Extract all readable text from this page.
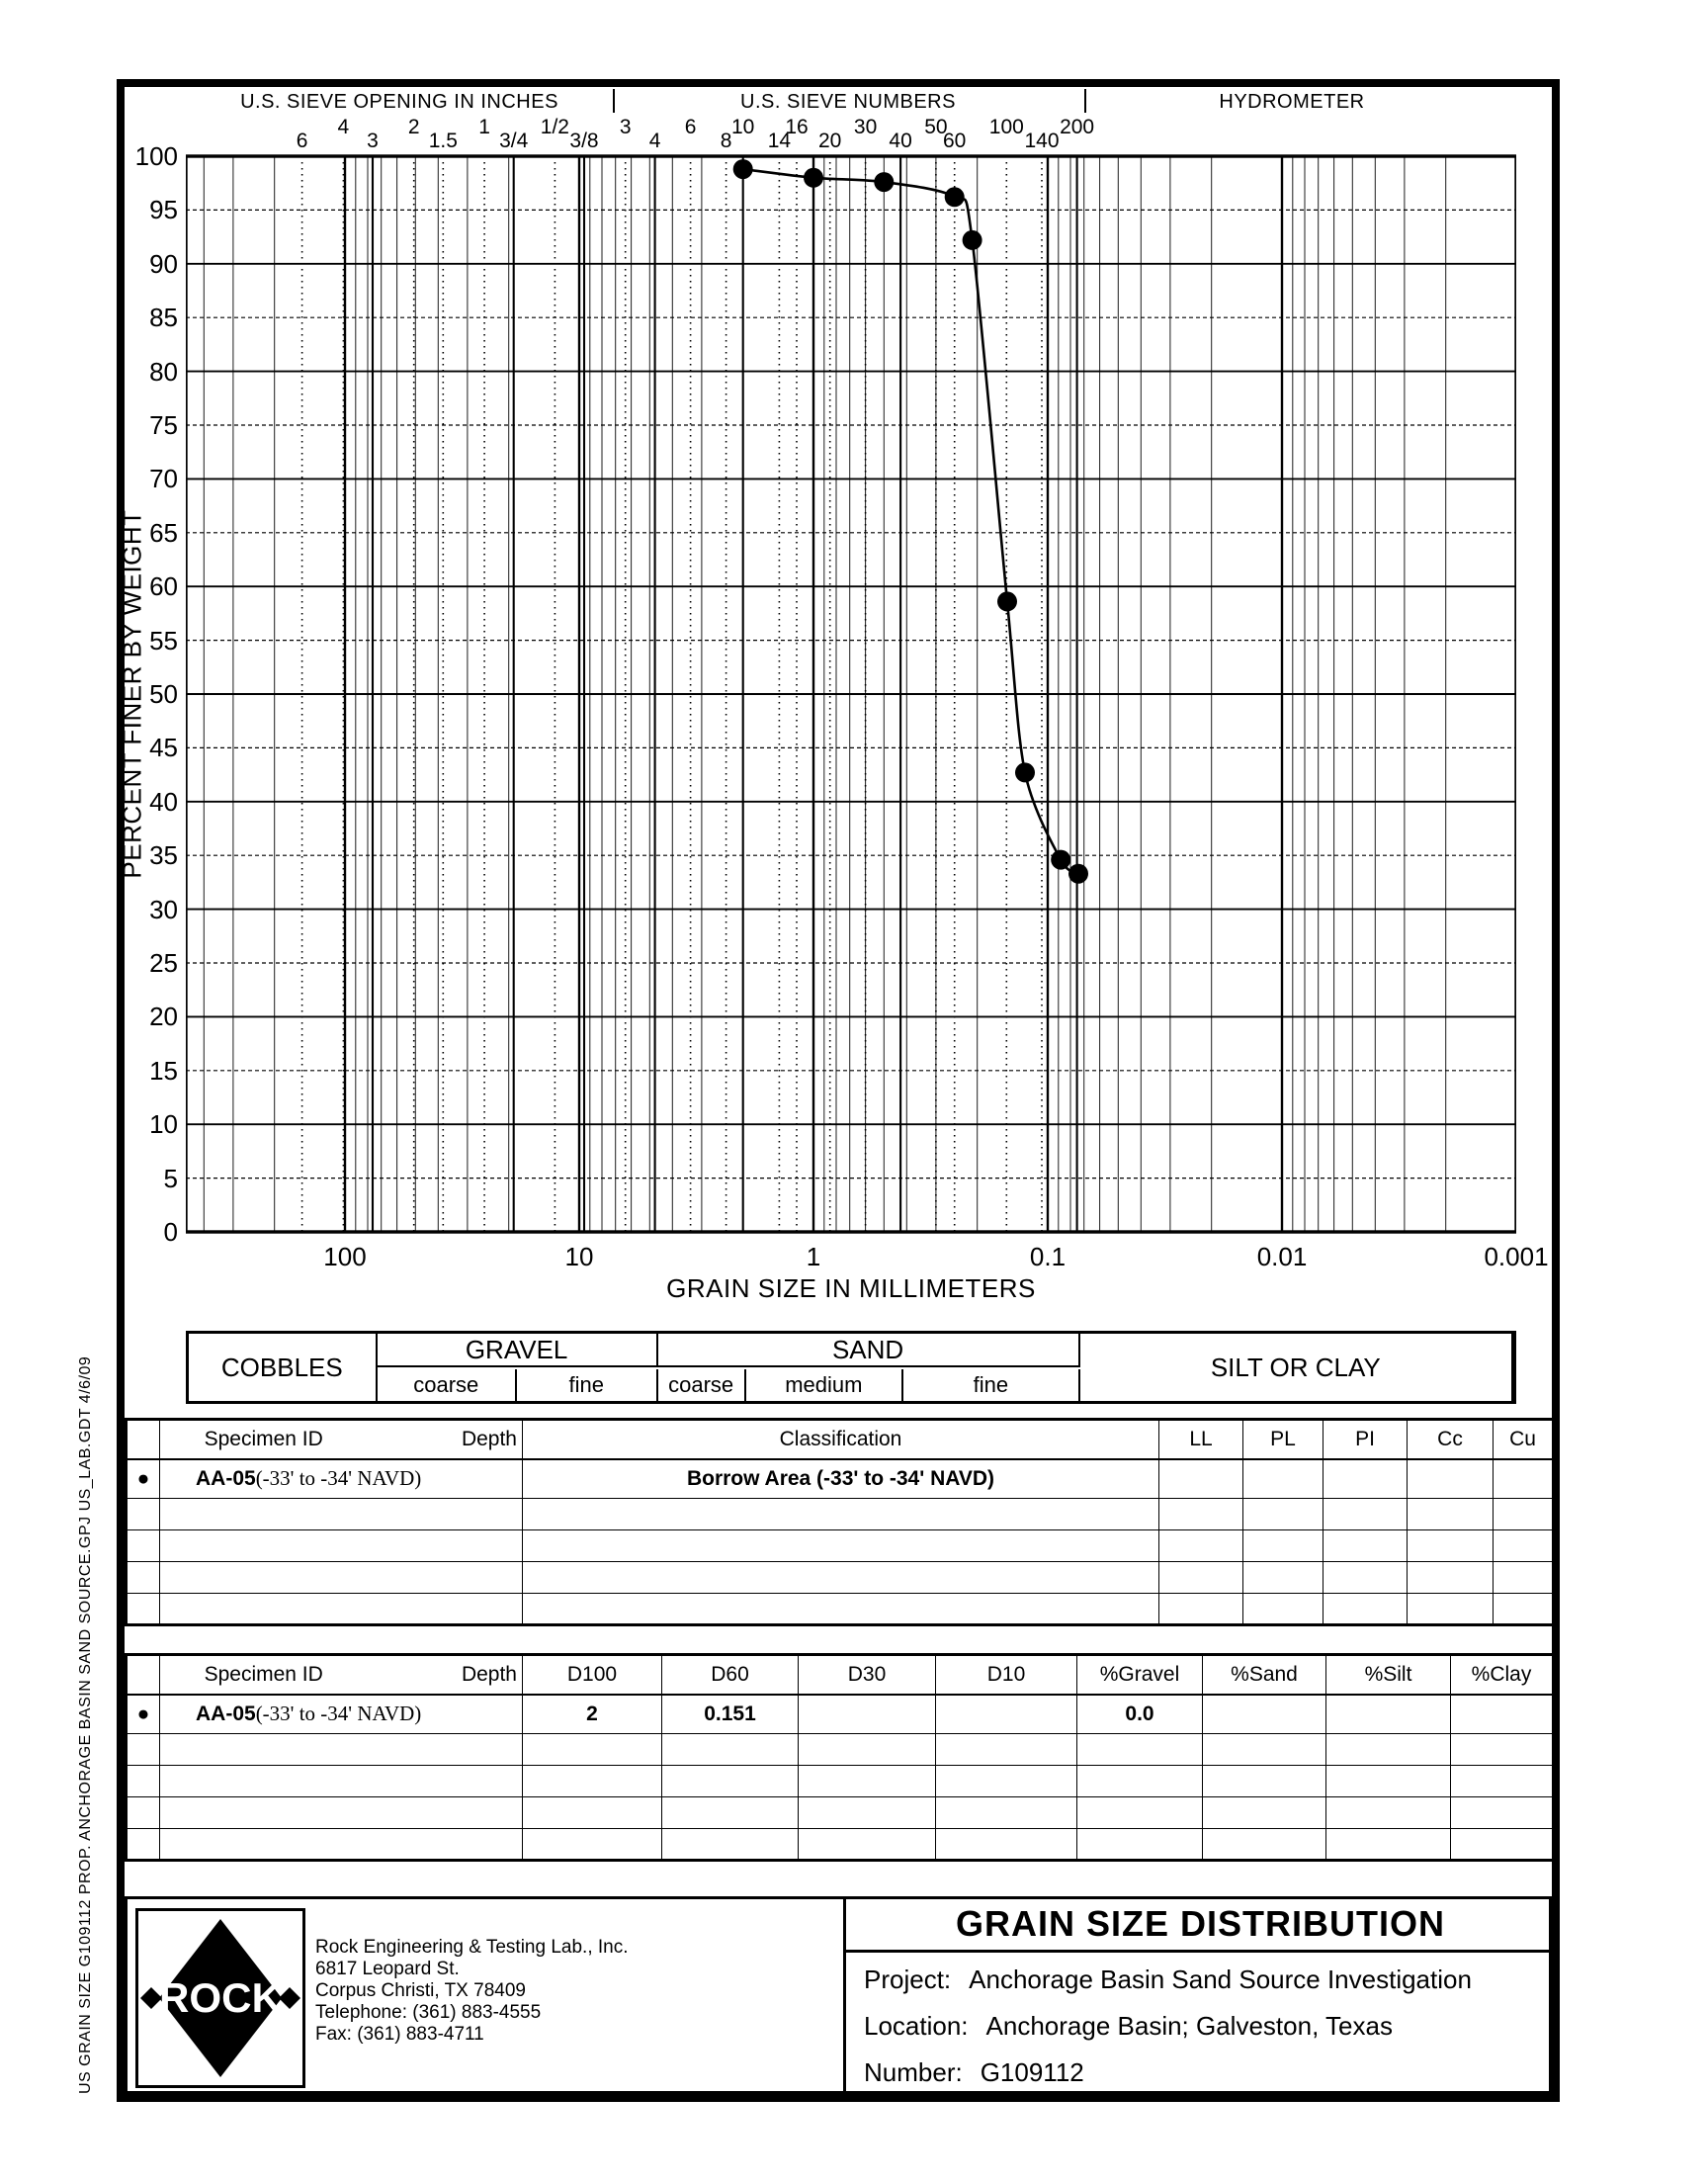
US GRAIN SIZE G109112 PROP. ANCHORAGE BASIN SAND SOURCE.GPJ US_LAB.GDT 4/6/09
U.S. SIEVE OPENING IN INCHES	U.S. SIEVE NUMBERS	HYDROMETER
6
4
3
2
1.5
1
3/4
1/2
3/8
3
4
6
8
10
14
16
20
30
40
50
60
100
140
200
100
95
90
85
80
75
70
65
60
55
50
45
40
35
30
25
20
15
10
5
0
PERCENT FINER BY WEIGHT
100	10	1	0.1	0.01	0.001
GRAIN SIZE IN MILLIMETERS
COBBLES
GRAVEL
coarse	fine
SAND
coarse	medium	fine
SILT OR CLAY

	Specimen ID Depth	Classification	LL	PL	PI	Cc	Cu
●	AA-05 (-33' to -34' NAVD)	Borrow Area (-33' to -34' NAVD)					

	Specimen ID Depth	D100	D60	D30	D10	%Gravel	%Sand	%Silt	%Clay
●	AA-05 (-33' to -34' NAVD)	2	0.151			0.0			

ROCK
Rock Engineering & Testing Lab., Inc.
6817 Leopard St.
Corpus Christi, TX 78409
Telephone: (361) 883-4555
Fax: (361) 883-4711
GRAIN SIZE DISTRIBUTION
Project: Anchorage Basin Sand Source Investigation
Location: Anchorage Basin; Galveston, Texas
Number: G109112
